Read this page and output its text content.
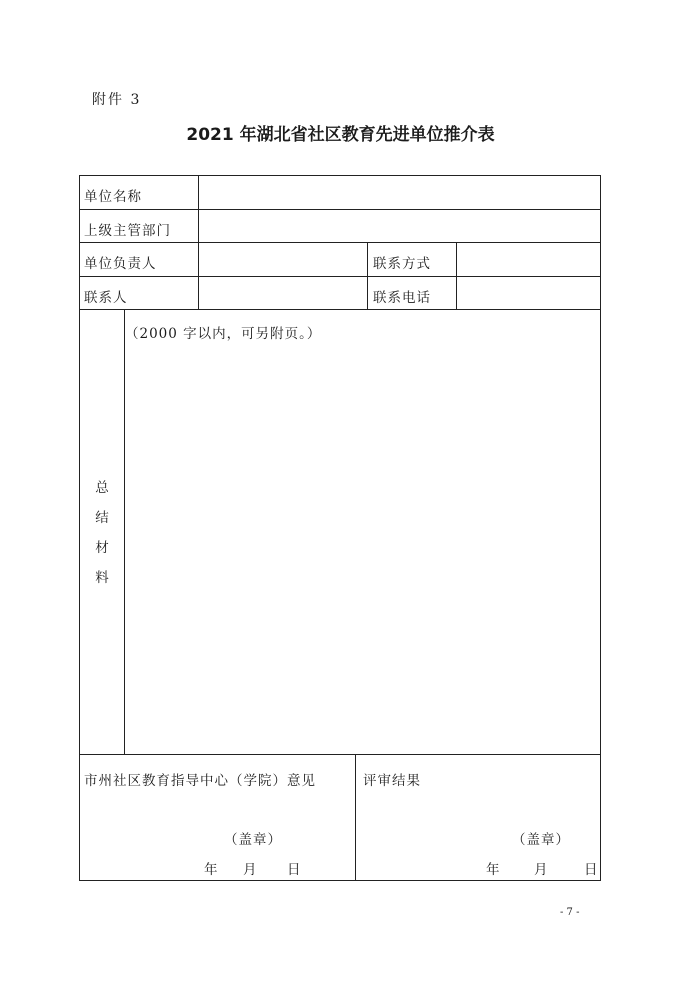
附件 3
2021 年湖北省社区教育先进单位推介表
单位名称
上级主管部门
单位负责人	联系方式
联系人	联系电话
总
结
材
料
（2000 字以内，可另附页。）
市州社区教育指导中心（学院）意见
（盖章）
年 月 日
评审结果
（盖章）
年 月	日
- 7 -
